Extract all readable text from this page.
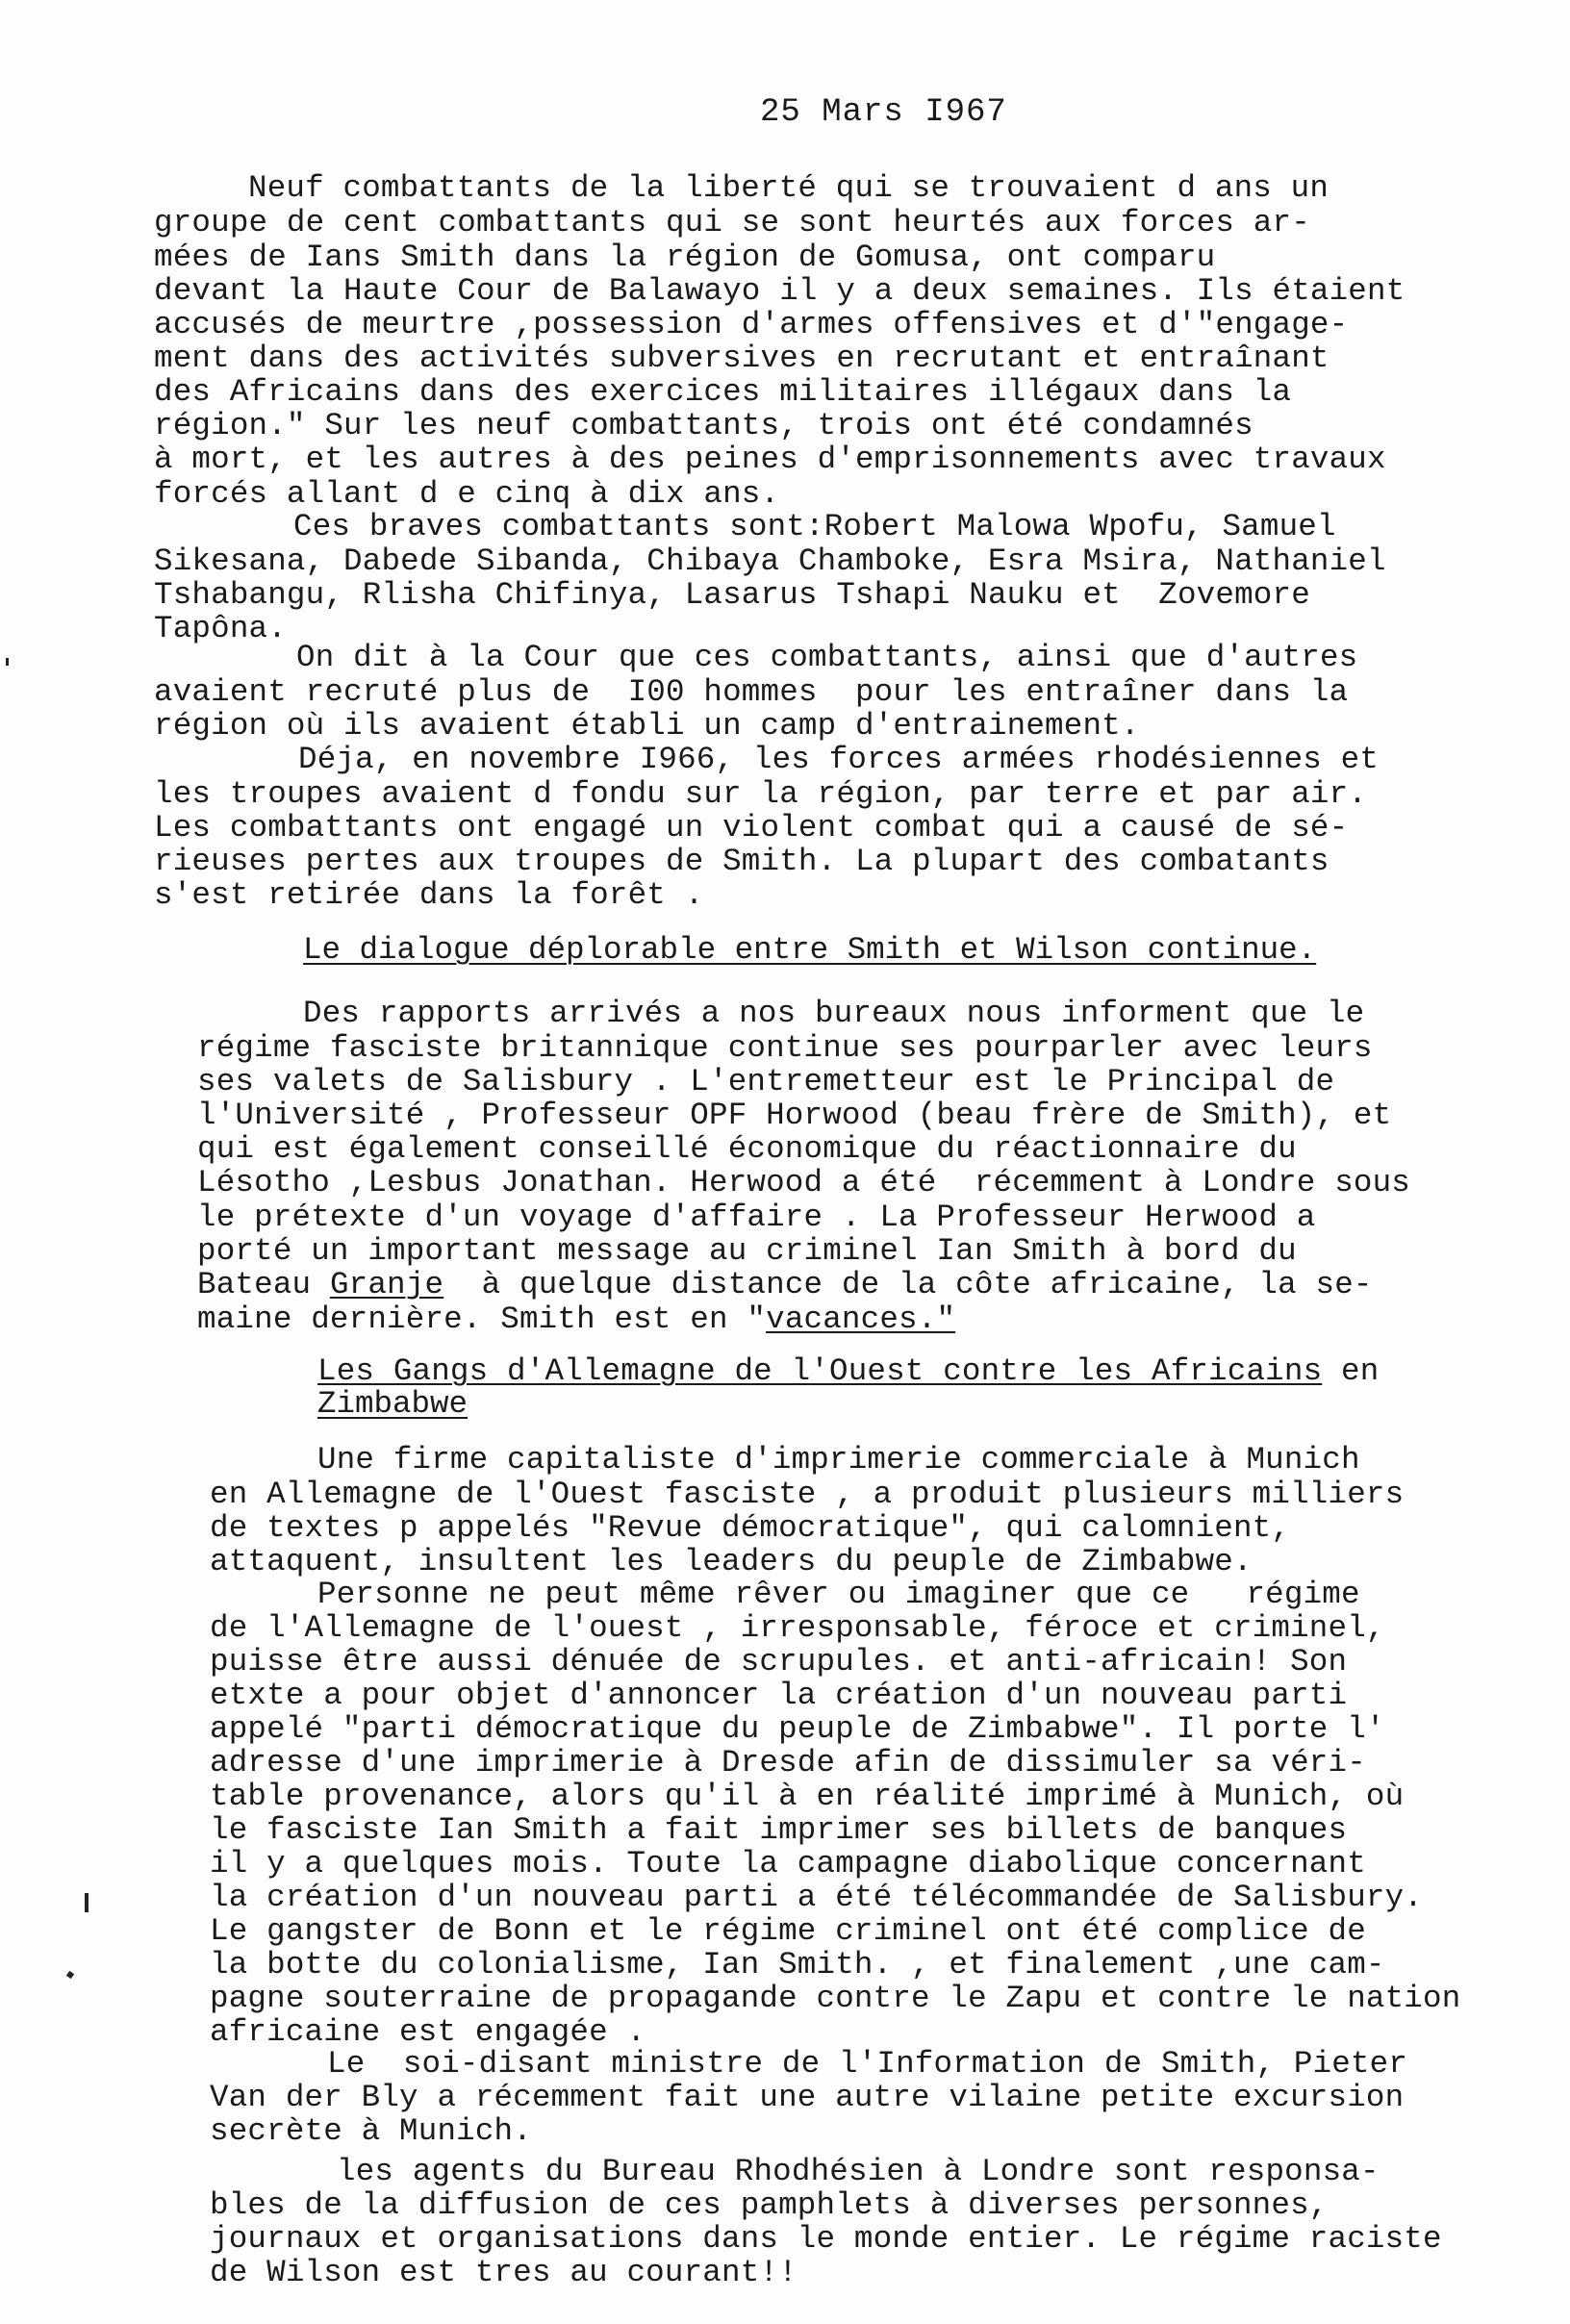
25 Mars I967
Neuf combattants de la liberté qui se trouvaient d ans un
groupe de cent combattants qui se sont heurtés aux forces ar-
mées de Ians Smith dans la région de Gomusa, ont comparu
devant la Haute Cour de Balawayo il y a deux semaines. Ils étaient
accusés de meurtre ,possession d'armes offensives et d'"engage-
ment dans des activités subversives en recrutant et entraînant
des Africains dans des exercices militaires illégaux dans la
région." Sur les neuf combattants, trois ont été condamnés
à mort, et les autres à des peines d'emprisonnements avec travaux
forcés allant d e cinq à dix ans.
Ces braves combattants sont:Robert Malowa Wpofu, Samuel
Sikesana, Dabede Sibanda, Chibaya Chamboke, Esra Msira, Nathaniel
Tshabangu, Rlisha Chifinya, Lasarus Tshapi Nauku et  Zovemore
Tapôna.
On dit à la Cour que ces combattants, ainsi que d'autres
avaient recruté plus de  I00 hommes  pour les entraîner dans la
région où ils avaient établi un camp d'entrainement.
Déja, en novembre I966, les forces armées rhodésiennes et
les troupes avaient d fondu sur la région, par terre et par air.
Les combattants ont engagé un violent combat qui a causé de sé-
rieuses pertes aux troupes de Smith. La plupart des combatants
s'est retirée dans la forêt .
Le dialogue déplorable entre Smith et Wilson continue.
Des rapports arrivés a nos bureaux nous informent que le
régime fasciste britannique continue ses pourparler avec leurs
ses valets de Salisbury . L'entremetteur est le Principal de
l'Université , Professeur OPF Horwood (beau frère de Smith), et
qui est également conseillé économique du réactionnaire du
Lésotho ,Lesbus Jonathan. Herwood a été  récemment à Londre sous
le prétexte d'un voyage d'affaire . La Professeur Herwood a
porté un important message au criminel Ian Smith à bord du
Bateau Granje  à quelque distance de la côte africaine, la se-
maine dernière. Smith est en "vacances."
Les Gangs d'Allemagne de l'Ouest contre les Africains en
Zimbabwe
Une firme capitaliste d'imprimerie commerciale à Munich
en Allemagne de l'Ouest fasciste , a produit plusieurs milliers
de textes p appelés "Revue démocratique", qui calomnient,
attaquent, insultent les leaders du peuple de Zimbabwe.
Personne ne peut même rêver ou imaginer que ce   régime
de l'Allemagne de l'ouest , irresponsable, féroce et criminel,
puisse être aussi dénuée de scrupules. et anti-africain! Son
etxte a pour objet d'annoncer la création d'un nouveau parti
appelé "parti démocratique du peuple de Zimbabwe". Il porte l'
adresse d'une imprimerie à Dresde afin de dissimuler sa véri-
table provenance, alors qu'il à en réalité imprimé à Munich, où
le fasciste Ian Smith a fait imprimer ses billets de banques
il y a quelques mois. Toute la campagne diabolique concernant
la création d'un nouveau parti a été télécommandée de Salisbury.
Le gangster de Bonn et le régime criminel ont été complice de
la botte du colonialisme, Ian Smith. , et finalement ,une cam-
pagne souterraine de propagande contre le Zapu et contre le nation
africaine est engagée .
Le  soi-disant ministre de l'Information de Smith, Pieter
Van der Bly a récemment fait une autre vilaine petite excursion
secrète à Munich.
les agents du Bureau Rhodhésien à Londre sont responsa-
bles de la diffusion de ces pamphlets à diverses personnes,
journaux et organisations dans le monde entier. Le régime raciste
de Wilson est tres au courant!!
